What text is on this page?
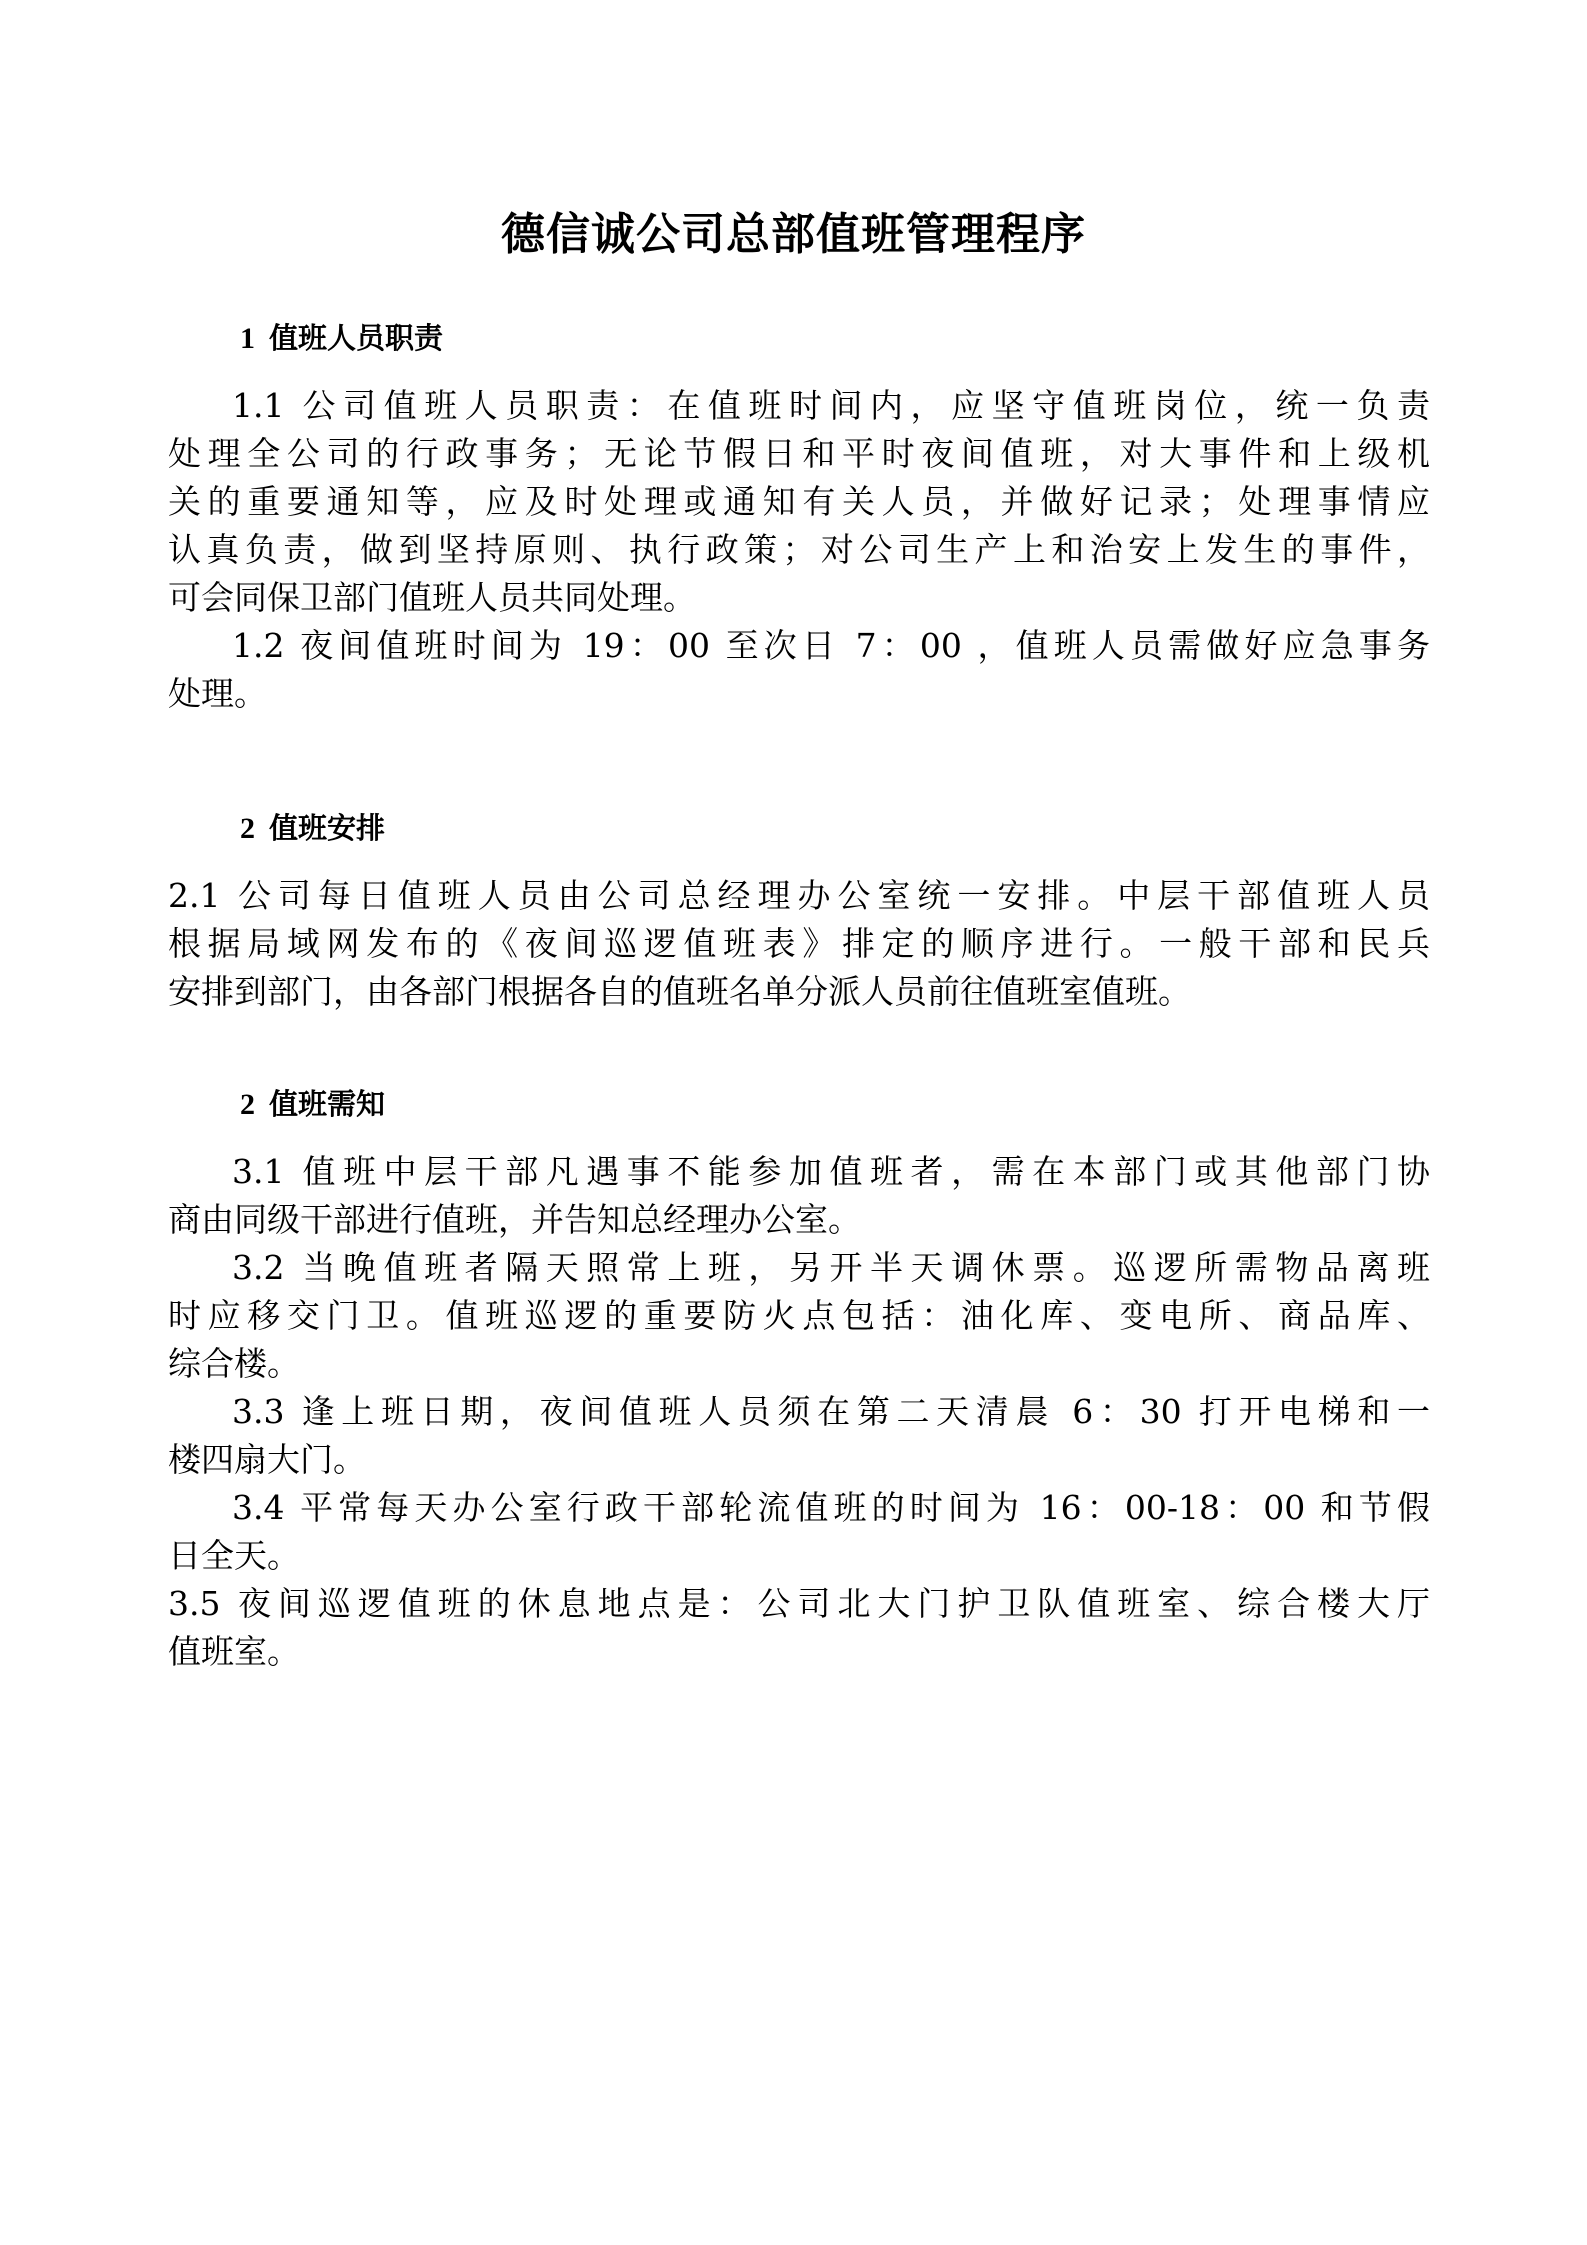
德信诚公司总部值班管理程序
1 值班人员职责
1.1 公司值班人员职责：在值班时间内，应坚守值班岗位，统一负责
处理全公司的行政事务；无论节假日和平时夜间值班，对大事件和上级机
关的重要通知等，应及时处理或通知有关人员，并做好记录；处理事情应
认真负责，做到坚持原则、执行政策；对公司生产上和治安上发生的事件，
可会同保卫部门值班人员共同处理。
1.2 夜间值班时间为 19：00 至次日 7：00 ，值班人员需做好应急事务
处理。
2 值班安排
2.1 公司每日值班人员由公司总经理办公室统一安排。中层干部值班人员
根据局域网发布的《夜间巡逻值班表》排定的顺序进行。一般干部和民兵
安排到部门，由各部门根据各自的值班名单分派人员前往值班室值班。
2 值班需知
3.1 值班中层干部凡遇事不能参加值班者，需在本部门或其他部门协
商由同级干部进行值班，并告知总经理办公室。
3.2 当晚值班者隔天照常上班，另开半天调休票。巡逻所需物品离班
时应移交门卫。值班巡逻的重要防火点包括：油化库、变电所、商品库、
综合楼。
3.3 逢上班日期，夜间值班人员须在第二天清晨 6：30 打开电梯和一
楼四扇大门。
3.4 平常每天办公室行政干部轮流值班的时间为 16：00-18：00 和节假
日全天。
3.5 夜间巡逻值班的休息地点是：公司北大门护卫队值班室、综合楼大厅
值班室。
